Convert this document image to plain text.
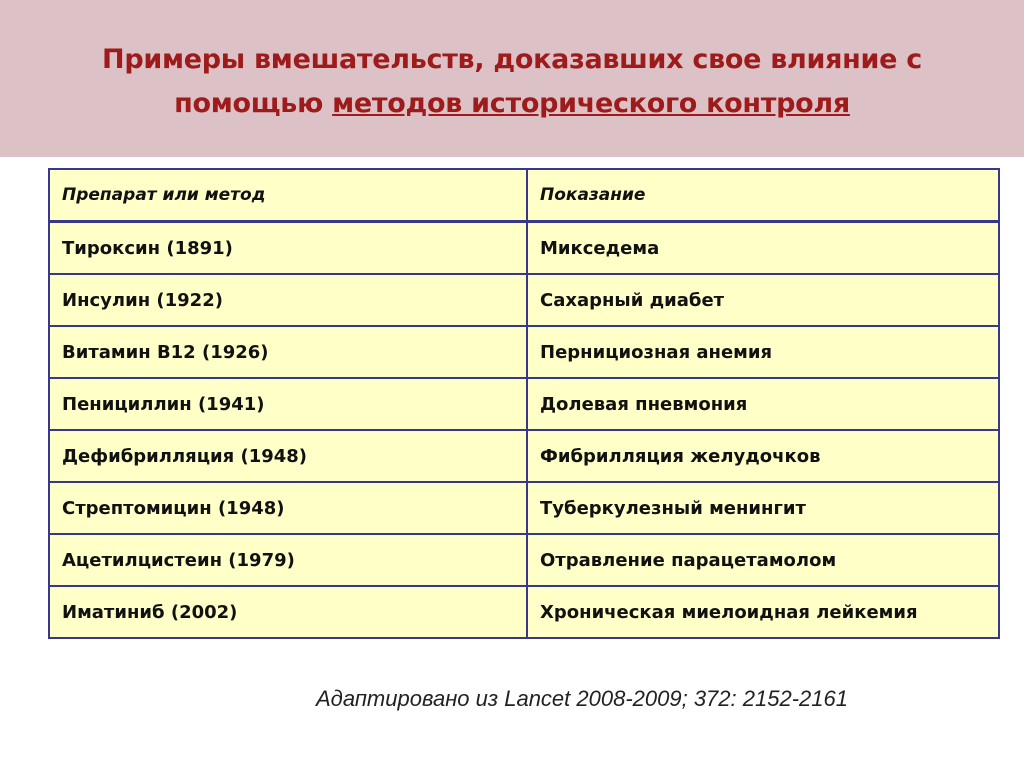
Примеры вмешательств, доказавших свое влияние с
помощью методов исторического контроля
Препарат или метод	Показание
Тироксин (1891)	Микседема
Инсулин (1922)	Сахарный диабет
Витамин В12 (1926)	Пернициозная анемия
Пенициллин (1941)	Долевая пневмония
Дефибрилляция (1948)	Фибрилляция желудочков
Стрептомицин (1948)	Туберкулезный менингит
Ацетилцистеин (1979)	Отравление парацетамолом
Иматиниб (2002)	Хроническая миелоидная лейкемия
Адаптировано из Lancet 2008-2009; 372: 2152-2161
